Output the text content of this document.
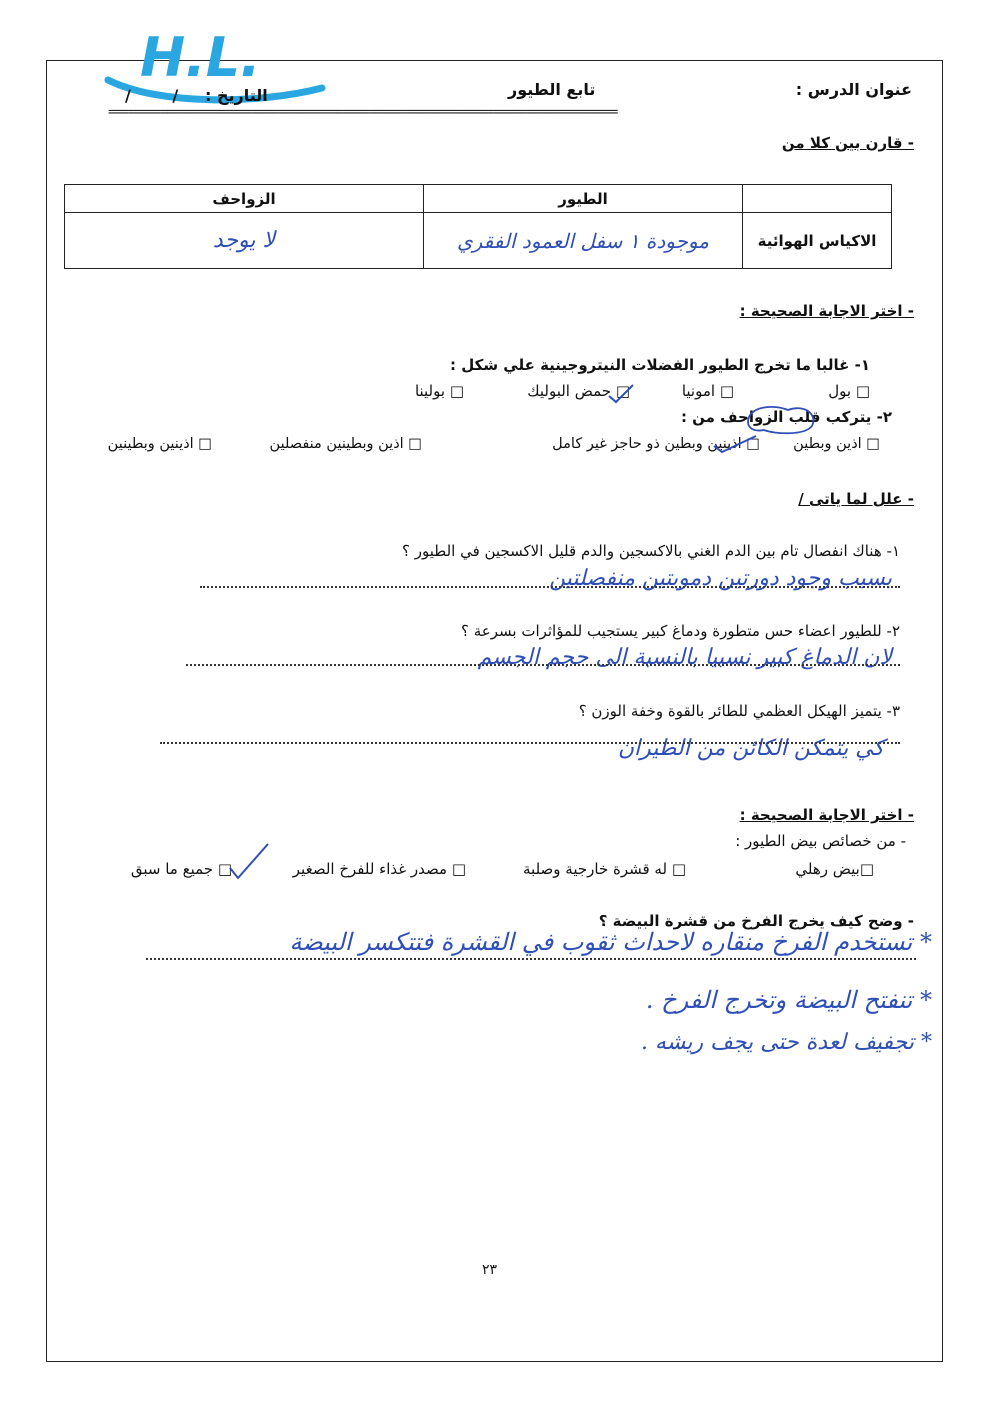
H.L.
عنوان الدرس :
تابع الطيور
التاريخ :
/ /
==============================================================================
- قارن بين كلا من
	الطيور	الزواحف
الاكياس الهوائية	موجودة ١ سفل العمود الفقري	لا يوجد
- اختر الاجابة الصحيحة :
١- غالبا ما تخرج الطيور الفضلات النيتروجينية علي شكل :
□ بول
□ امونيا
□ حمض البوليك
□ بولينا
٢- يتركب قلب الزواحف من :
□ اذين وبطين
□ اذينين وبطين ذو حاجز غير كامل
□ اذين وبطينين منفصلين
□ اذينين وبطينين
- علل لما ياتى /
١- هناك انفصال تام بين الدم الغني بالاكسجين والدم قليل الاكسجين في الطيور ؟
بسبب وجود دورتين دمويتين منفصلتين
٢- للطيور اعضاء حس متطورة ودماغ كبير يستجيب للمؤاثرات بسرعة ؟
لان الدماغ كبير نسبيا بالنسبة الى حجم الجسم
٣- يتميز الهيكل العظمي للطائر بالقوة وخفة الوزن ؟
كي يتمكن الكائن من الطيران
- اختر الاجابة الصحيحة :
- من خصائص بيض الطيور :
□بيض رهلي
□ له قشرة خارجية وصلبة
□ مصدر غذاء للفرخ الصغير
□ جميع ما سبق
- وضح كيف يخرج الفرخ من قشرة البيضة ؟
* تستخدم الفرخ منقاره لاحداث ثقوب في القشرة فتتكسر البيضة
* تنفتح البيضة وتخرج الفرخ .
* تجفيف لعدة حتى يجف ريشه .
٢٣
